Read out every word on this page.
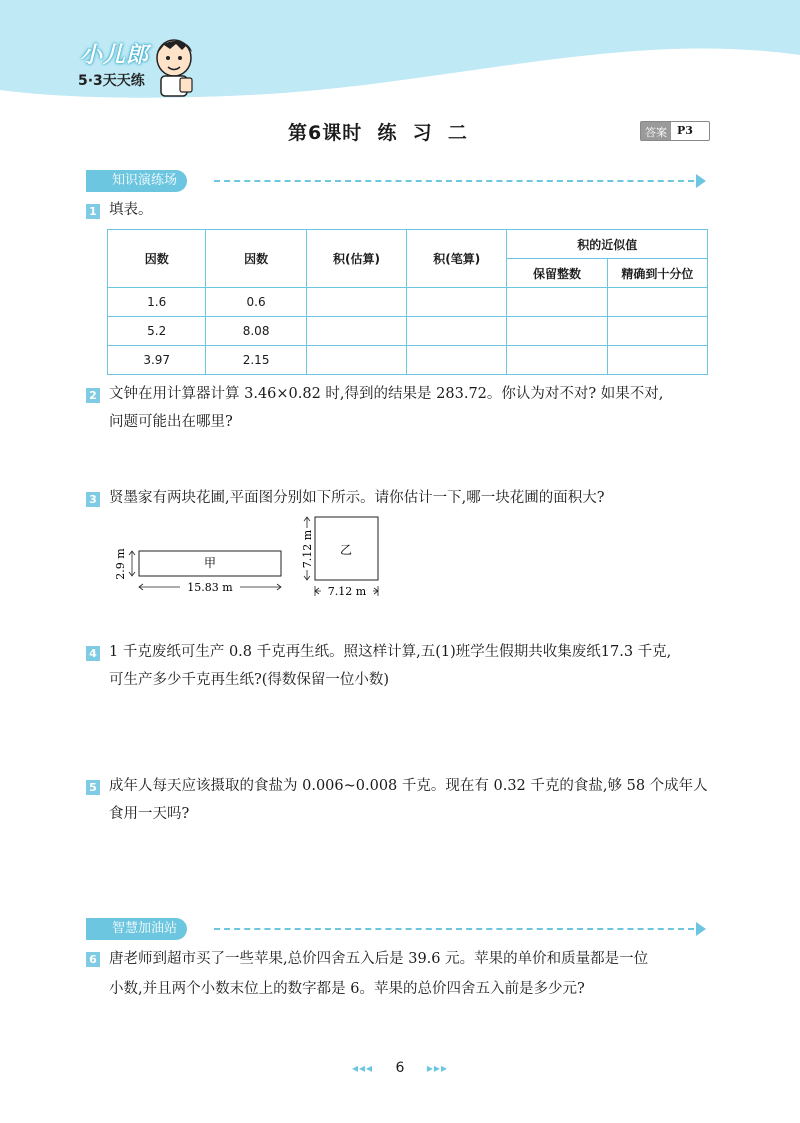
小儿郎
5·3天天练
第6课时  练  习  二	答案 P3
知识演练场
1 填表。
因数	因数	积(估算)	积(笔算)	积的近似值	
				保留整数	精确到十分位
1.6	0.6				
5.2	8.08				
3.97	2.15				
2 文钟在用计算器计算 3.46×0.82 时,得到的结果是 283.72。你认为对不对? 如果不对,
问题可能出在哪里?
3 贤墨家有两块花圃,平面图分别如下所示。请你估计一下,哪一块花圃的面积大?
甲
2.9 m
15.83 m
乙
7.12 m
7.12 m
4 1 千克废纸可生产 0.8 千克再生纸。照这样计算,五(1)班学生假期共收集废纸17.3 千克,
可生产多少千克再生纸?(得数保留一位小数)
5 成年人每天应该摄取的食盐为 0.006~0.008 千克。现在有 0.32 千克的食盐,够 58 个成年人
食用一天吗?
智慧加油站
6 唐老师到超市买了一些苹果,总价四舍五入后是 39.6 元。苹果的单价和质量都是一位
小数,并且两个小数末位上的数字都是 6。苹果的总价四舍五入前是多少元?
◂◂◂ 6 ▸▸▸
